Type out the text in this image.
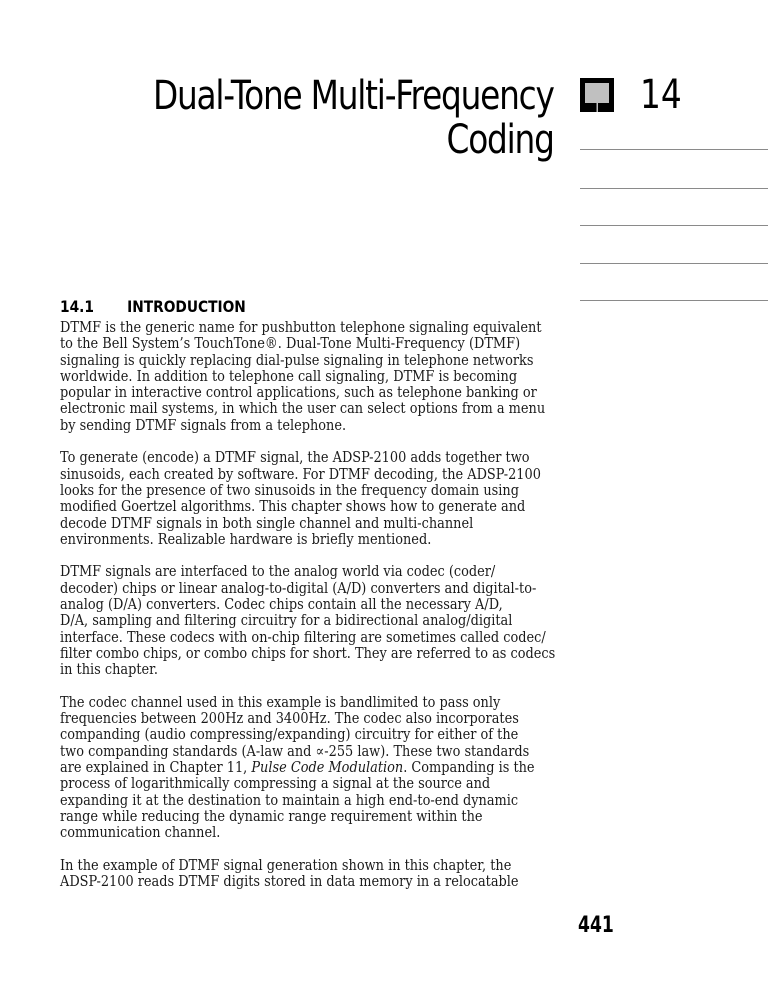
Dual-Tone Multi-Frequency
Coding
14
14.1 INTRODUCTION
DTMF is the generic name for pushbutton telephone signaling equivalent
to the Bell System’s TouchTone®. Dual-Tone Multi-Frequency (DTMF)
signaling is quickly replacing dial-pulse signaling in telephone networks
worldwide. In addition to telephone call signaling, DTMF is becoming
popular in interactive control applications, such as telephone banking or
electronic mail systems, in which the user can select options from a menu
by sending DTMF signals from a telephone.
To generate (encode) a DTMF signal, the ADSP-2100 adds together two
sinusoids, each created by software. For DTMF decoding, the ADSP-2100
looks for the presence of two sinusoids in the frequency domain using
modified Goertzel algorithms. This chapter shows how to generate and
decode DTMF signals in both single channel and multi-channel
environments. Realizable hardware is briefly mentioned.
DTMF signals are interfaced to the analog world via codec (coder/
decoder) chips or linear analog-to-digital (A/D) converters and digital-to-
analog (D/A) converters. Codec chips contain all the necessary A/D,
D/A, sampling and filtering circuitry for a bidirectional analog/digital
interface. These codecs with on-chip filtering are sometimes called codec/
filter combo chips, or combo chips for short. They are referred to as codecs
in this chapter.
The codec channel used in this example is bandlimited to pass only
frequencies between 200Hz and 3400Hz. The codec also incorporates
companding (audio compressing/expanding) circuitry for either of the
two companding standards (A-law and ∝-255 law). These two standards
are explained in Chapter 11, Pulse Code Modulation. Companding is the
process of logarithmically compressing a signal at the source and
expanding it at the destination to maintain a high end-to-end dynamic
range while reducing the dynamic range requirement within the
communication channel.
In the example of DTMF signal generation shown in this chapter, the
ADSP-2100 reads DTMF digits stored in data memory in a relocatable
441
